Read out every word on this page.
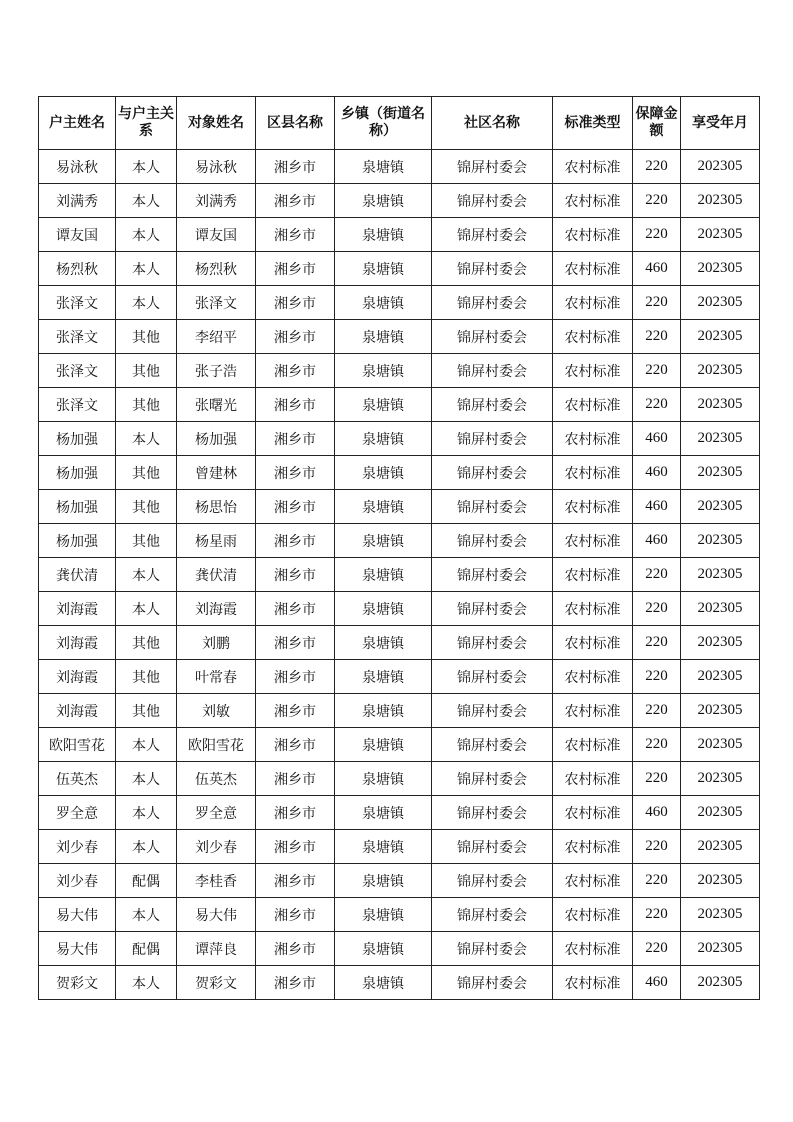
户主姓名	与户主关系	对象姓名	区县名称	乡镇（街道名称）	社区名称	标准类型	保障金额	享受年月
易泳秋	本人	易泳秋	湘乡市	泉塘镇	锦屏村委会	农村标准	220	202305
刘满秀	本人	刘满秀	湘乡市	泉塘镇	锦屏村委会	农村标准	220	202305
谭友国	本人	谭友国	湘乡市	泉塘镇	锦屏村委会	农村标准	220	202305
杨烈秋	本人	杨烈秋	湘乡市	泉塘镇	锦屏村委会	农村标准	460	202305
张泽文	本人	张泽文	湘乡市	泉塘镇	锦屏村委会	农村标准	220	202305
张泽文	其他	李绍平	湘乡市	泉塘镇	锦屏村委会	农村标准	220	202305
张泽文	其他	张子浩	湘乡市	泉塘镇	锦屏村委会	农村标准	220	202305
张泽文	其他	张曙光	湘乡市	泉塘镇	锦屏村委会	农村标准	220	202305
杨加强	本人	杨加强	湘乡市	泉塘镇	锦屏村委会	农村标准	460	202305
杨加强	其他	曾建林	湘乡市	泉塘镇	锦屏村委会	农村标准	460	202305
杨加强	其他	杨思怡	湘乡市	泉塘镇	锦屏村委会	农村标准	460	202305
杨加强	其他	杨星雨	湘乡市	泉塘镇	锦屏村委会	农村标准	460	202305
龚伏清	本人	龚伏清	湘乡市	泉塘镇	锦屏村委会	农村标准	220	202305
刘海霞	本人	刘海霞	湘乡市	泉塘镇	锦屏村委会	农村标准	220	202305
刘海霞	其他	刘鹏	湘乡市	泉塘镇	锦屏村委会	农村标准	220	202305
刘海霞	其他	叶常春	湘乡市	泉塘镇	锦屏村委会	农村标准	220	202305
刘海霞	其他	刘敏	湘乡市	泉塘镇	锦屏村委会	农村标准	220	202305
欧阳雪花	本人	欧阳雪花	湘乡市	泉塘镇	锦屏村委会	农村标准	220	202305
伍英杰	本人	伍英杰	湘乡市	泉塘镇	锦屏村委会	农村标准	220	202305
罗全意	本人	罗全意	湘乡市	泉塘镇	锦屏村委会	农村标准	460	202305
刘少春	本人	刘少春	湘乡市	泉塘镇	锦屏村委会	农村标准	220	202305
刘少春	配偶	李桂香	湘乡市	泉塘镇	锦屏村委会	农村标准	220	202305
易大伟	本人	易大伟	湘乡市	泉塘镇	锦屏村委会	农村标准	220	202305
易大伟	配偶	谭萍良	湘乡市	泉塘镇	锦屏村委会	农村标准	220	202305
贺彩文	本人	贺彩文	湘乡市	泉塘镇	锦屏村委会	农村标准	460	202305
